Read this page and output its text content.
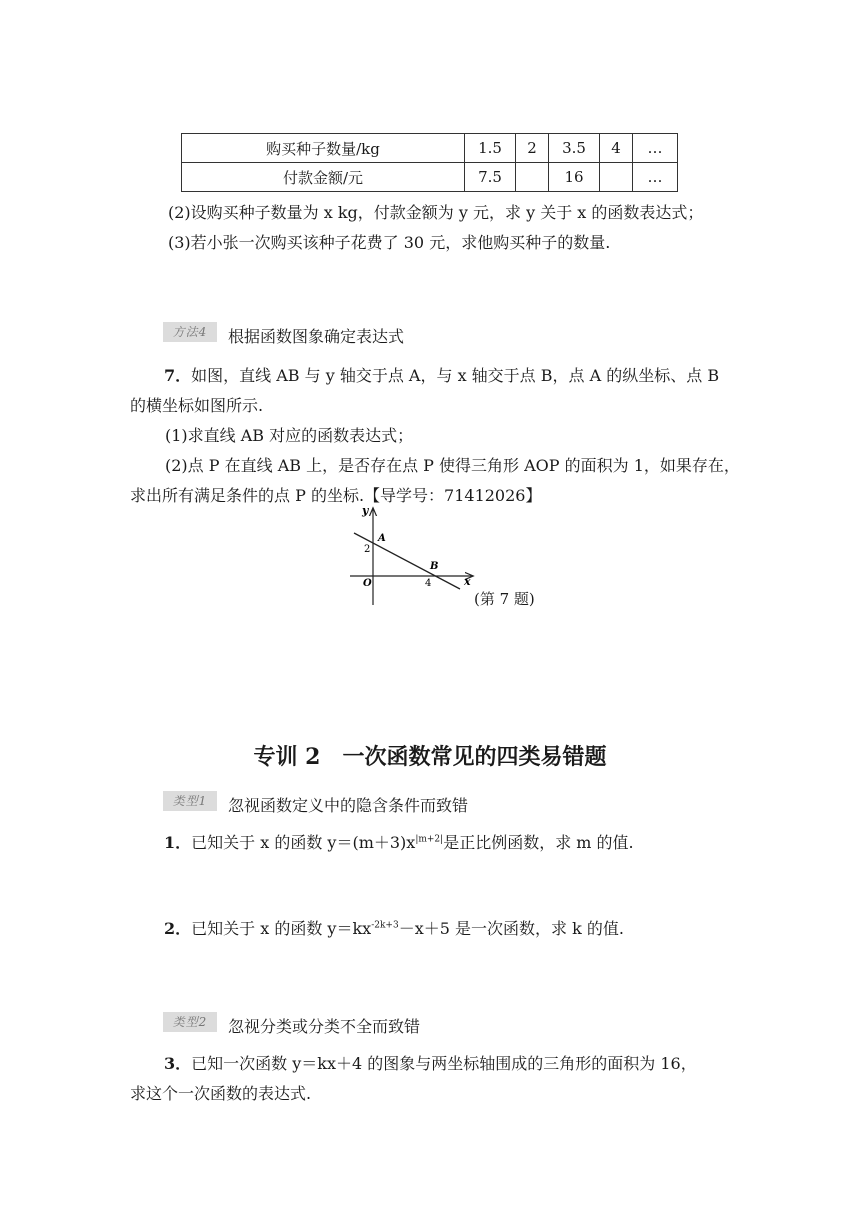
购买种子数量/kg	1.5	2	3.5	4	…
付款金额/元	7.5		16		…
(2)设购买种子数量为 x kg，付款金额为 y 元，求 y 关于 x 的函数表达式；
(3)若小张一次购买该种子花费了 30 元，求他购买种子的数量.
方法4	根据函数图象确定表达式
7．如图，直线 AB 与 y 轴交于点 A，与 x 轴交于点 B，点 A 的纵坐标、点 B
的横坐标如图所示.
(1)求直线 AB 对应的函数表达式；
(2)点 P 在直线 AB 上，是否存在点 P 使得三角形 AOP 的面积为 1，如果存在，
求出所有满足条件的点 P 的坐标.【导学号：71412026】
y
x
O
A
B
2
4
(第 7 题)
专训 2　一次函数常见的四类易错题
类型1	忽视函数定义中的隐含条件而致错
1．已知关于 x 的函数 $y=(m+3)x^{|m+2|}$是正比例函数，求 m 的值.
2．已知关于 x 的函数 $y=kx^{-2k+3}-x+5$ 是一次函数，求 k 的值.
类型2	忽视分类或分类不全而致错
3．已知一次函数 y＝kx＋4 的图象与两坐标轴围成的三角形的面积为 16，
求这个一次函数的表达式.
